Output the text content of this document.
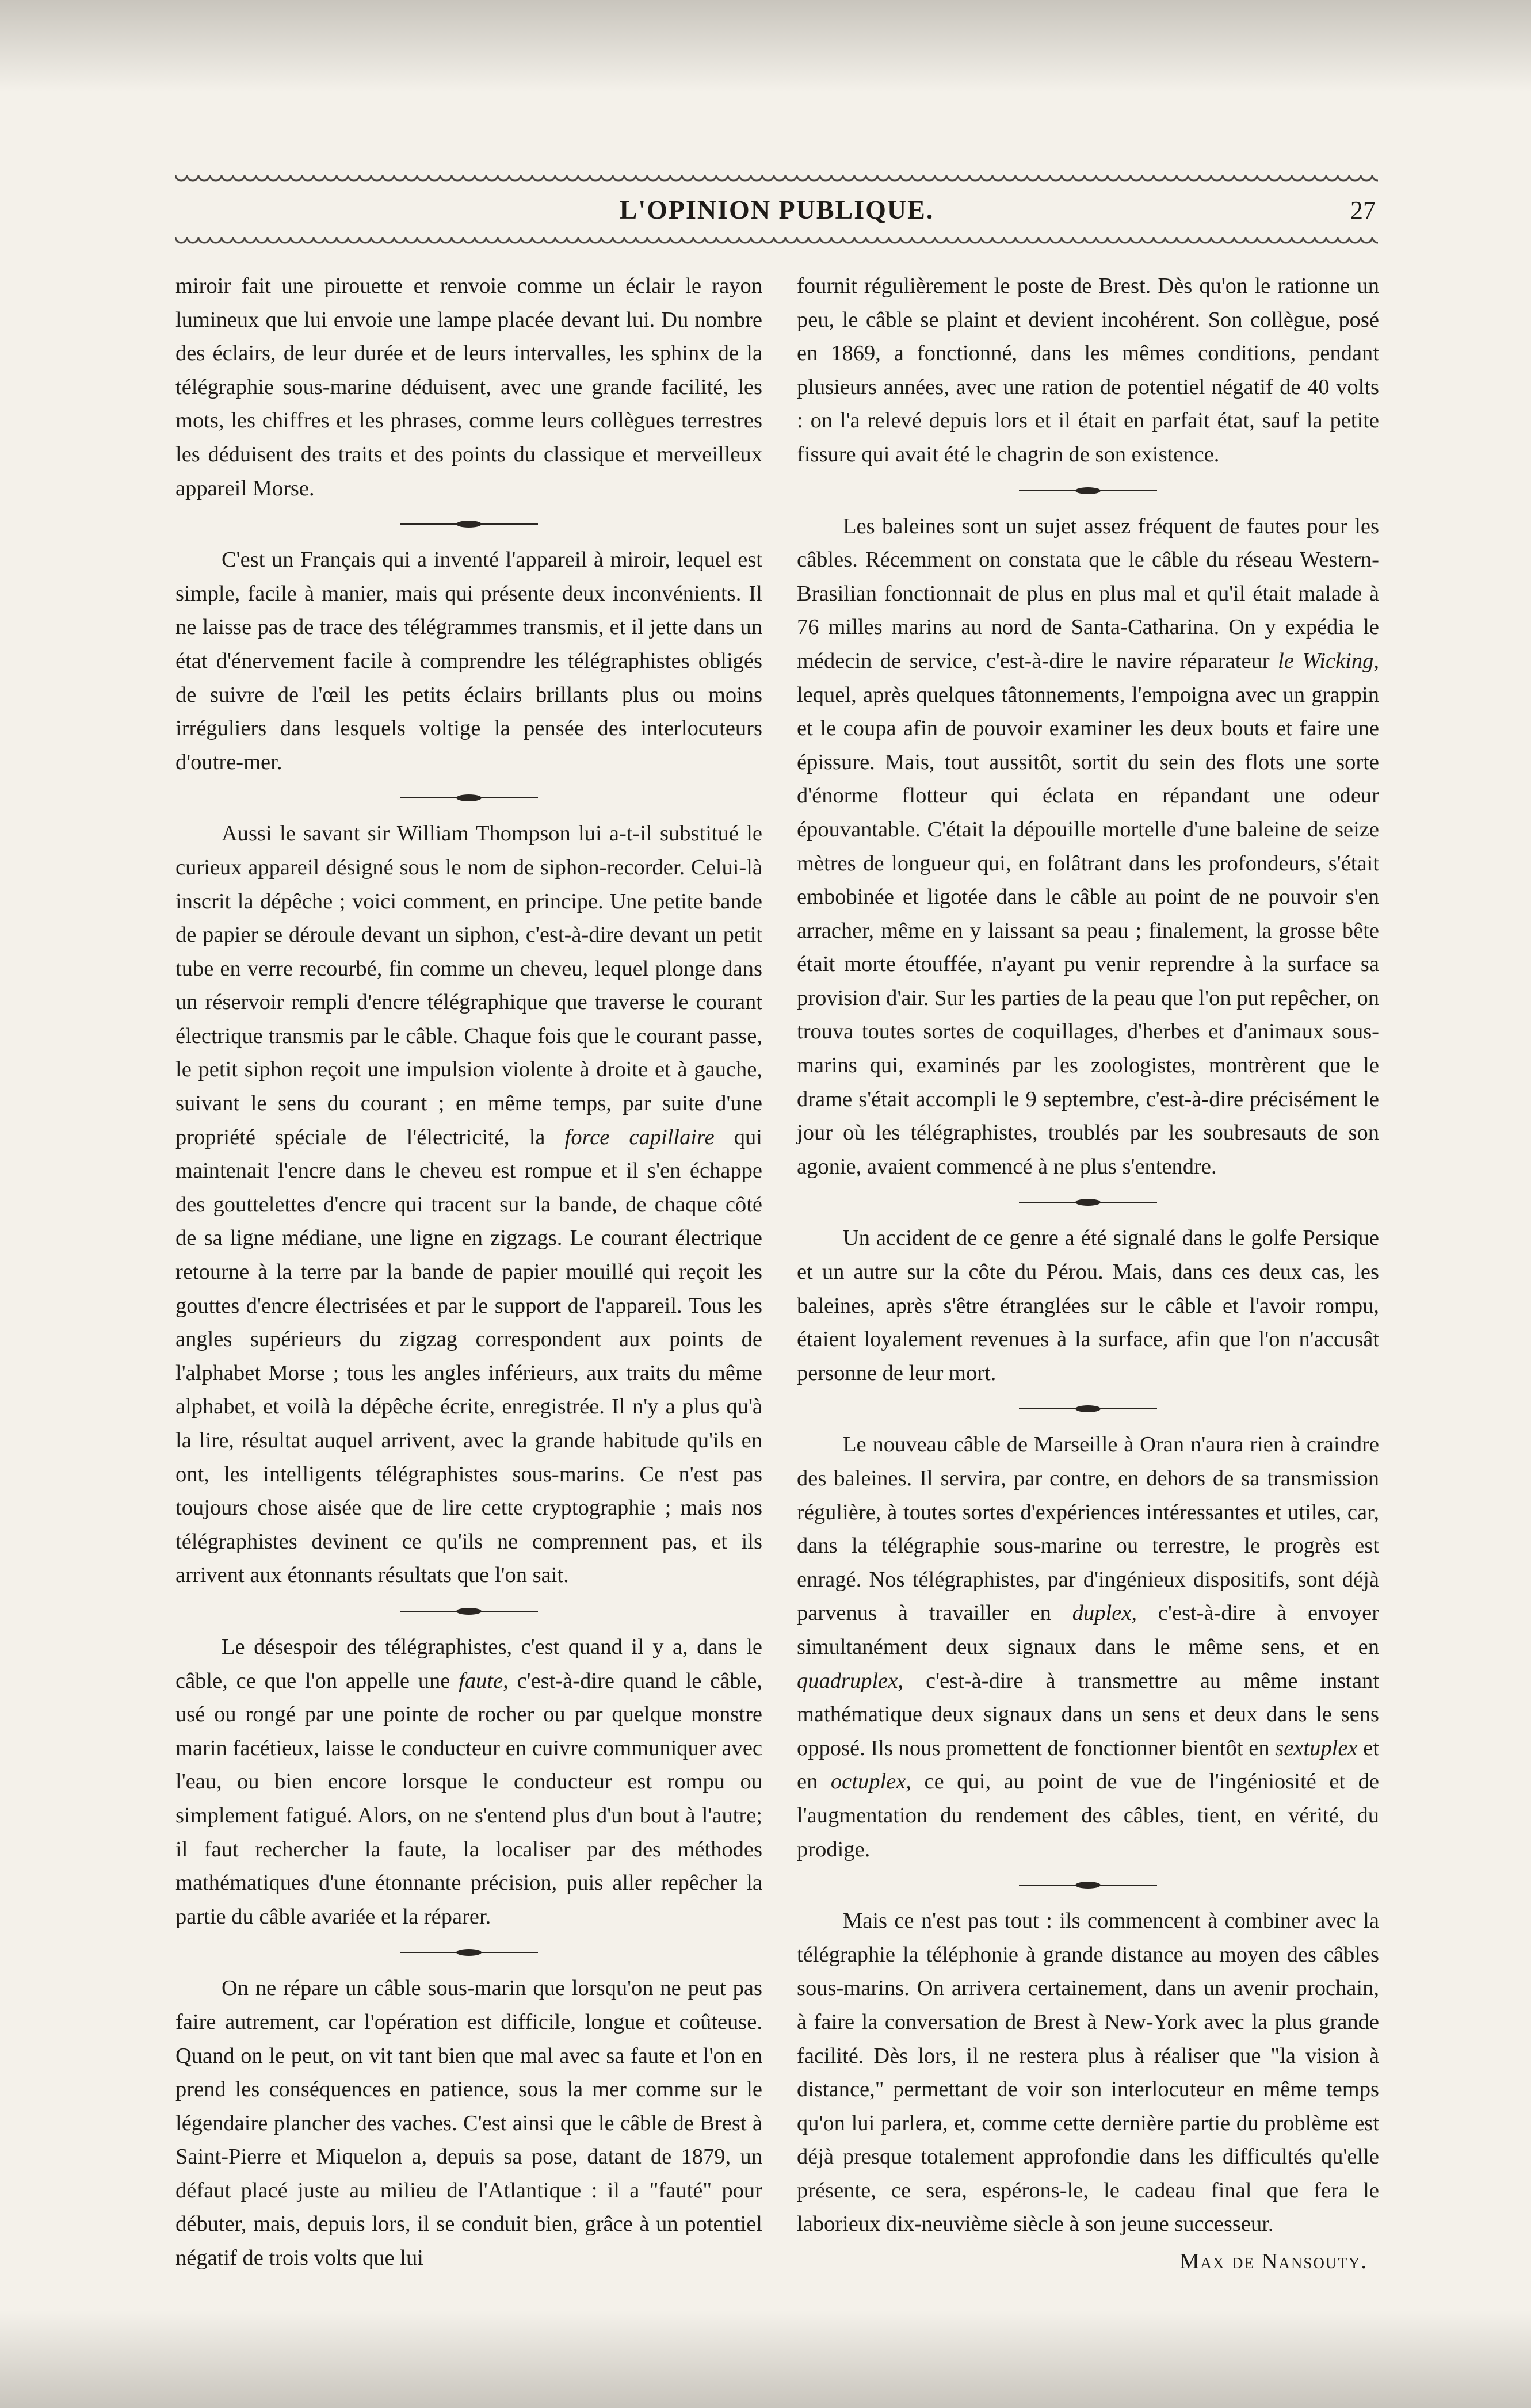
L'OPINION PUBLIQUE.	27

miroir fait une pirouette et renvoie comme un éclair le rayon lumineux que lui envoie une lampe placée devant lui. Du nombre des éclairs, de leur durée et de leurs intervalles, les sphinx de la télégraphie sous-marine déduisent, avec une grande facilité, les mots, les chiffres et les phrases, comme leurs collègues terrestres les déduisent des traits et des points du classique et merveilleux appareil Morse.

C'est un Français qui a inventé l'appareil à miroir, lequel est simple, facile à manier, mais qui présente deux inconvénients. Il ne laisse pas de trace des télégrammes transmis, et il jette dans un état d'énervement facile à comprendre les télégraphistes obligés de suivre de l'œil les petits éclairs brillants plus ou moins irréguliers dans lesquels voltige la pensée des interlocuteurs d'outre-mer.

Aussi le savant sir William Thompson lui a-t-il substitué le curieux appareil désigné sous le nom de siphon-recorder. Celui-là inscrit la dépêche ; voici comment, en principe. Une petite bande de papier se déroule devant un siphon, c'est-à-dire devant un petit tube en verre recourbé, fin comme un cheveu, lequel plonge dans un réservoir rempli d'encre télégraphique que traverse le courant électrique transmis par le câble. Chaque fois que le courant passe, le petit siphon reçoit une impulsion violente à droite et à gauche, suivant le sens du courant ; en même temps, par suite d'une propriété spéciale de l'électricité, la force capillaire qui maintenait l'encre dans le cheveu est rompue et il s'en échappe des gouttelettes d'encre qui tracent sur la bande, de chaque côté de sa ligne médiane, une ligne en zigzags. Le courant électrique retourne à la terre par la bande de papier mouillé qui reçoit les gouttes d'encre électrisées et par le support de l'appareil. Tous les angles supérieurs du zigzag correspondent aux points de l'alphabet Morse ; tous les angles inférieurs, aux traits du même alphabet, et voilà la dépêche écrite, enregistrée. Il n'y a plus qu'à la lire, résultat auquel arrivent, avec la grande habitude qu'ils en ont, les intelligents télégraphistes sous-marins. Ce n'est pas toujours chose aisée que de lire cette cryptographie ; mais nos télégraphistes devinent ce qu'ils ne comprennent pas, et ils arrivent aux étonnants résultats que l'on sait.

Le désespoir des télégraphistes, c'est quand il y a, dans le câble, ce que l'on appelle une faute, c'est-à-dire quand le câble, usé ou rongé par une pointe de rocher ou par quelque monstre marin facétieux, laisse le conducteur en cuivre communiquer avec l'eau, ou bien encore lorsque le conducteur est rompu ou simplement fatigué. Alors, on ne s'entend plus d'un bout à l'autre; il faut rechercher la faute, la localiser par des méthodes mathématiques d'une étonnante précision, puis aller repêcher la partie du câble avariée et la réparer.

On ne répare un câble sous-marin que lorsqu'on ne peut pas faire autrement, car l'opération est difficile, longue et coûteuse. Quand on le peut, on vit tant bien que mal avec sa faute et l'on en prend les conséquences en patience, sous la mer comme sur le légendaire plancher des vaches. C'est ainsi que le câble de Brest à Saint-Pierre et Miquelon a, depuis sa pose, datant de 1879, un défaut placé juste au milieu de l'Atlantique : il a "fauté" pour débuter, mais, depuis lors, il se conduit bien, grâce à un potentiel négatif de trois volts que lui

fournit régulièrement le poste de Brest. Dès qu'on le rationne un peu, le câble se plaint et devient incohérent. Son collègue, posé en 1869, a fonctionné, dans les mêmes conditions, pendant plusieurs années, avec une ration de potentiel négatif de 40 volts : on l'a relevé depuis lors et il était en parfait état, sauf la petite fissure qui avait été le chagrin de son existence.

Les baleines sont un sujet assez fréquent de fautes pour les câbles. Récemment on constata que le câble du réseau Western-Brasilian fonctionnait de plus en plus mal et qu'il était malade à 76 milles marins au nord de Santa-Catharina. On y expédia le médecin de service, c'est-à-dire le navire réparateur le Wicking, lequel, après quelques tâtonnements, l'empoigna avec un grappin et le coupa afin de pouvoir examiner les deux bouts et faire une épissure. Mais, tout aussitôt, sortit du sein des flots une sorte d'énorme flotteur qui éclata en répandant une odeur épouvantable. C'était la dépouille mortelle d'une baleine de seize mètres de longueur qui, en folâtrant dans les profondeurs, s'était embobinée et ligotée dans le câble au point de ne pouvoir s'en arracher, même en y laissant sa peau ; finalement, la grosse bête était morte étouffée, n'ayant pu venir reprendre à la surface sa provision d'air. Sur les parties de la peau que l'on put repêcher, on trouva toutes sortes de coquillages, d'herbes et d'animaux sous-marins qui, examinés par les zoologistes, montrèrent que le drame s'était accompli le 9 septembre, c'est-à-dire précisément le jour où les télégraphistes, troublés par les soubresauts de son agonie, avaient commencé à ne plus s'entendre.

Un accident de ce genre a été signalé dans le golfe Persique et un autre sur la côte du Pérou. Mais, dans ces deux cas, les baleines, après s'être étranglées sur le câble et l'avoir rompu, étaient loyalement revenues à la surface, afin que l'on n'accusât personne de leur mort.

Le nouveau câble de Marseille à Oran n'aura rien à craindre des baleines. Il servira, par contre, en dehors de sa transmission régulière, à toutes sortes d'expériences intéressantes et utiles, car, dans la télégraphie sous-marine ou terrestre, le progrès est enragé. Nos télégraphistes, par d'ingénieux dispositifs, sont déjà parvenus à travailler en duplex, c'est-à-dire à envoyer simultanément deux signaux dans le même sens, et en quadruplex, c'est-à-dire à transmettre au même instant mathématique deux signaux dans un sens et deux dans le sens opposé. Ils nous promettent de fonctionner bientôt en sextuplex et en octuplex, ce qui, au point de vue de l'ingéniosité et de l'augmentation du rendement des câbles, tient, en vérité, du prodige.

Mais ce n'est pas tout : ils commencent à combiner avec la télégraphie la téléphonie à grande distance au moyen des câbles sous-marins. On arrivera certainement, dans un avenir prochain, à faire la conversation de Brest à New-York avec la plus grande facilité. Dès lors, il ne restera plus à réaliser que "la vision à distance," permettant de voir son interlocuteur en même temps qu'on lui parlera, et, comme cette dernière partie du problème est déjà presque totalement approfondie dans les difficultés qu'elle présente, ce sera, espérons-le, le cadeau final que fera le laborieux dix-neuvième siècle à son jeune successeur.

Max de Nansouty.
